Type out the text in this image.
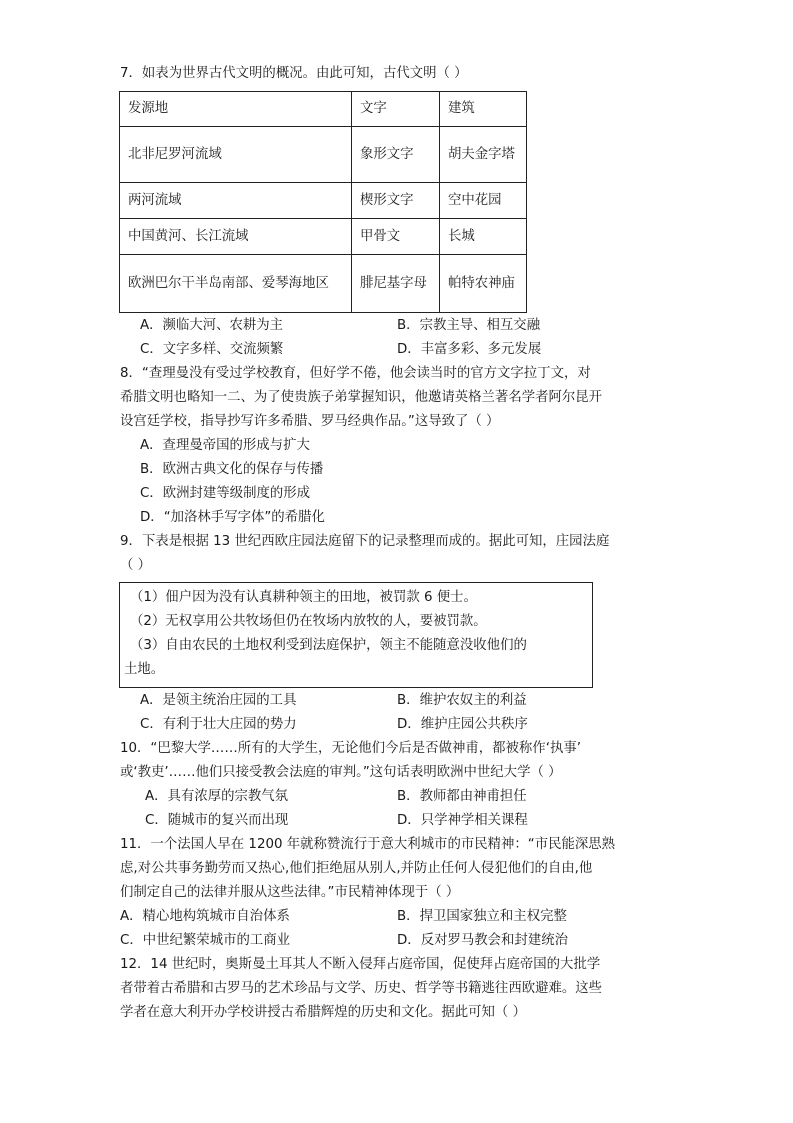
7．如表为世界古代文明的概况。由此可知，古代文明（ ）
发源地	文字	建筑
北非尼罗河流域	象形文字	胡夫金字塔
两河流域	楔形文字	空中花园
中国黄河、长江流域	甲骨文	长城
欧洲巴尔干半岛南部、爱琴海地区	腓尼基字母	帕特农神庙
A．濒临大河、农耕为主	B．宗教主导、相互交融
C．文字多样、交流频繁	D．丰富多彩、多元发展
8．“查理曼没有受过学校教育，但好学不倦，他会读当时的官方文字拉丁文，对
希腊文明也略知一二、为了使贵族子弟掌握知识，他邀请英格兰著名学者阿尔昆开
设宫廷学校，指导抄写许多希腊、罗马经典作品。”这导致了（ ）
A．查理曼帝国的形成与扩大
B．欧洲古典文化的保存与传播
C．欧洲封建等级制度的形成
D．“加洛林手写字体”的希腊化
9．下表是根据 13 世纪西欧庄园法庭留下的记录整理而成的。据此可知，庄园法庭
（ ）
（1）佃户因为没有认真耕种领主的田地，被罚款 6 便士。
（2）无权享用公共牧场但仍在牧场内放牧的人，要被罚款。
（3）自由农民的土地权利受到法庭保护，领主不能随意没收他们的
土地。
A．是领主统治庄园的工具	B．维护农奴主的利益
C．有利于壮大庄园的势力	D．维护庄园公共秩序
10．“巴黎大学……所有的大学生，无论他们今后是否做神甫，都被称作‘执事’
或‘教吏’……他们只接受教会法庭的审判。”这句话表明欧洲中世纪大学（ ）
A．具有浓厚的宗教气氛	B．教师都由神甫担任
C．随城市的复兴而出现	D．只学神学相关课程
11．一个法国人早在 1200 年就称赞流行于意大利城市的市民精神：“市民能深思熟
虑,对公共事务勤劳而又热心,他们拒绝屈从别人,并防止任何人侵犯他们的自由,他
们制定自己的法律并服从这些法律。”市民精神体现于（ ）
A．精心地构筑城市自治体系	B．捍卫国家独立和主权完整
C．中世纪繁荣城市的工商业	D．反对罗马教会和封建统治
12．14 世纪时，奥斯曼土耳其人不断入侵拜占庭帝国，促使拜占庭帝国的大批学
者带着古希腊和古罗马的艺术珍品与文学、历史、哲学等书籍逃往西欧避难。这些
学者在意大利开办学校讲授古希腊辉煌的历史和文化。据此可知（ ）
